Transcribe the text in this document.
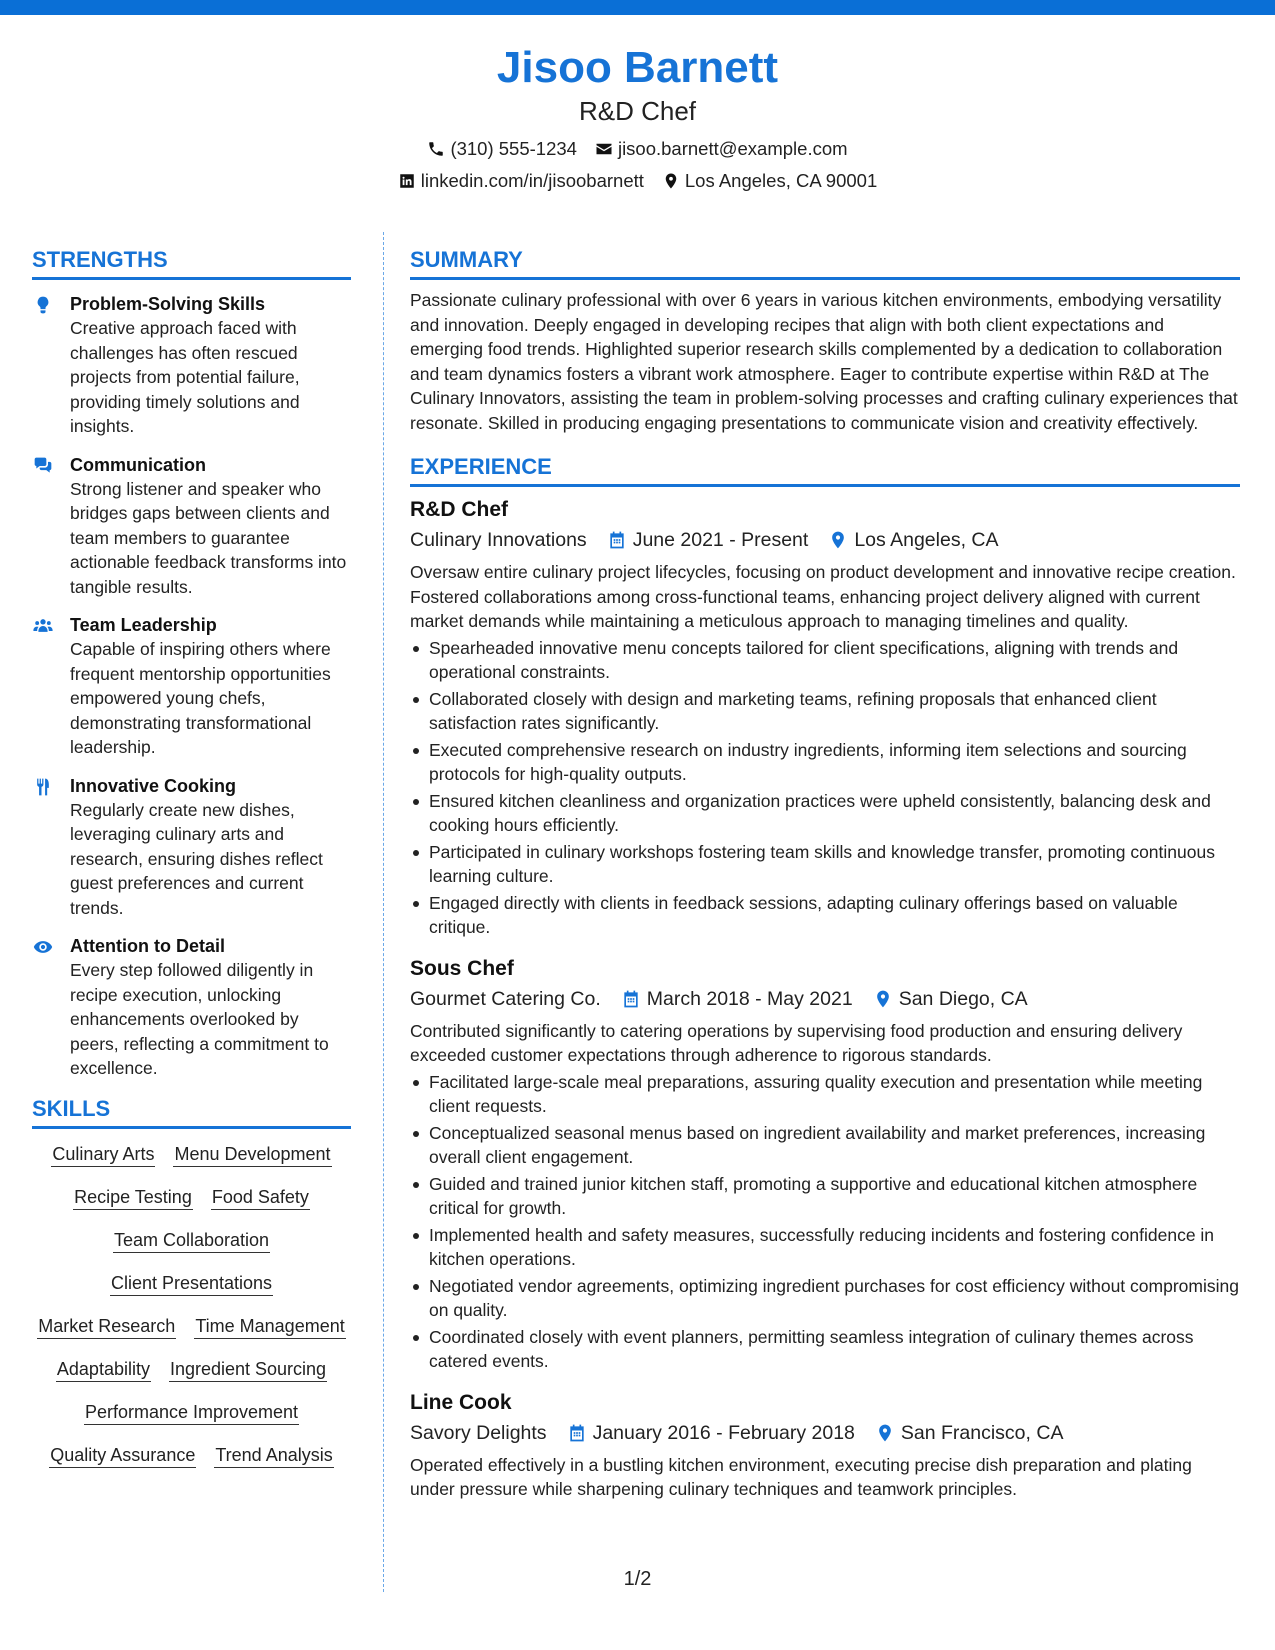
Jisoo Barnett
R&D Chef
(310) 555-1234 jisoo.barnett@example.com
linkedin.com/in/jisoobarnett Los Angeles, CA 90001
STRENGTHS
Problem-Solving Skills
Creative approach faced with challenges has often rescued projects from potential failure, providing timely solutions and insights.
Communication
Strong listener and speaker who bridges gaps between clients and team members to guarantee actionable feedback transforms into tangible results.
Team Leadership
Capable of inspiring others where frequent mentorship opportunities empowered young chefs, demonstrating transformational leadership.
Innovative Cooking
Regularly create new dishes, leveraging culinary arts and research, ensuring dishes reflect guest preferences and current trends.
Attention to Detail
Every step followed diligently in recipe execution, unlocking enhancements overlooked by peers, reflecting a commitment to excellence.
SKILLS
Culinary Arts Menu Development
Recipe Testing Food Safety
Team Collaboration
Client Presentations
Market Research Time Management
Adaptability Ingredient Sourcing
Performance Improvement
Quality Assurance Trend Analysis
SUMMARY
Passionate culinary professional with over 6 years in various kitchen environments, embodying versatility and innovation. Deeply engaged in developing recipes that align with both client expectations and emerging food trends. Highlighted superior research skills complemented by a dedication to collaboration and team dynamics fosters a vibrant work atmosphere. Eager to contribute expertise within R&D at The Culinary Innovators, assisting the team in problem-solving processes and crafting culinary experiences that resonate. Skilled in producing engaging presentations to communicate vision and creativity effectively.
EXPERIENCE
R&D Chef
Culinary Innovations June 2021 - Present Los Angeles, CA
Oversaw entire culinary project lifecycles, focusing on product development and innovative recipe creation. Fostered collaborations among cross-functional teams, enhancing project delivery aligned with current market demands while maintaining a meticulous approach to managing timelines and quality.
Spearheaded innovative menu concepts tailored for client specifications, aligning with trends and operational constraints.
Collaborated closely with design and marketing teams, refining proposals that enhanced client satisfaction rates significantly.
Executed comprehensive research on industry ingredients, informing item selections and sourcing protocols for high-quality outputs.
Ensured kitchen cleanliness and organization practices were upheld consistently, balancing desk and cooking hours efficiently.
Participated in culinary workshops fostering team skills and knowledge transfer, promoting continuous learning culture.
Engaged directly with clients in feedback sessions, adapting culinary offerings based on valuable critique.
Sous Chef
Gourmet Catering Co. March 2018 - May 2021 San Diego, CA
Contributed significantly to catering operations by supervising food production and ensuring delivery exceeded customer expectations through adherence to rigorous standards.
Facilitated large-scale meal preparations, assuring quality execution and presentation while meeting client requests.
Conceptualized seasonal menus based on ingredient availability and market preferences, increasing overall client engagement.
Guided and trained junior kitchen staff, promoting a supportive and educational kitchen atmosphere critical for growth.
Implemented health and safety measures, successfully reducing incidents and fostering confidence in kitchen operations.
Negotiated vendor agreements, optimizing ingredient purchases for cost efficiency without compromising on quality.
Coordinated closely with event planners, permitting seamless integration of culinary themes across catered events.
Line Cook
Savory Delights January 2016 - February 2018 San Francisco, CA
Operated effectively in a bustling kitchen environment, executing precise dish preparation and plating under pressure while sharpening culinary techniques and teamwork principles.
1/2
